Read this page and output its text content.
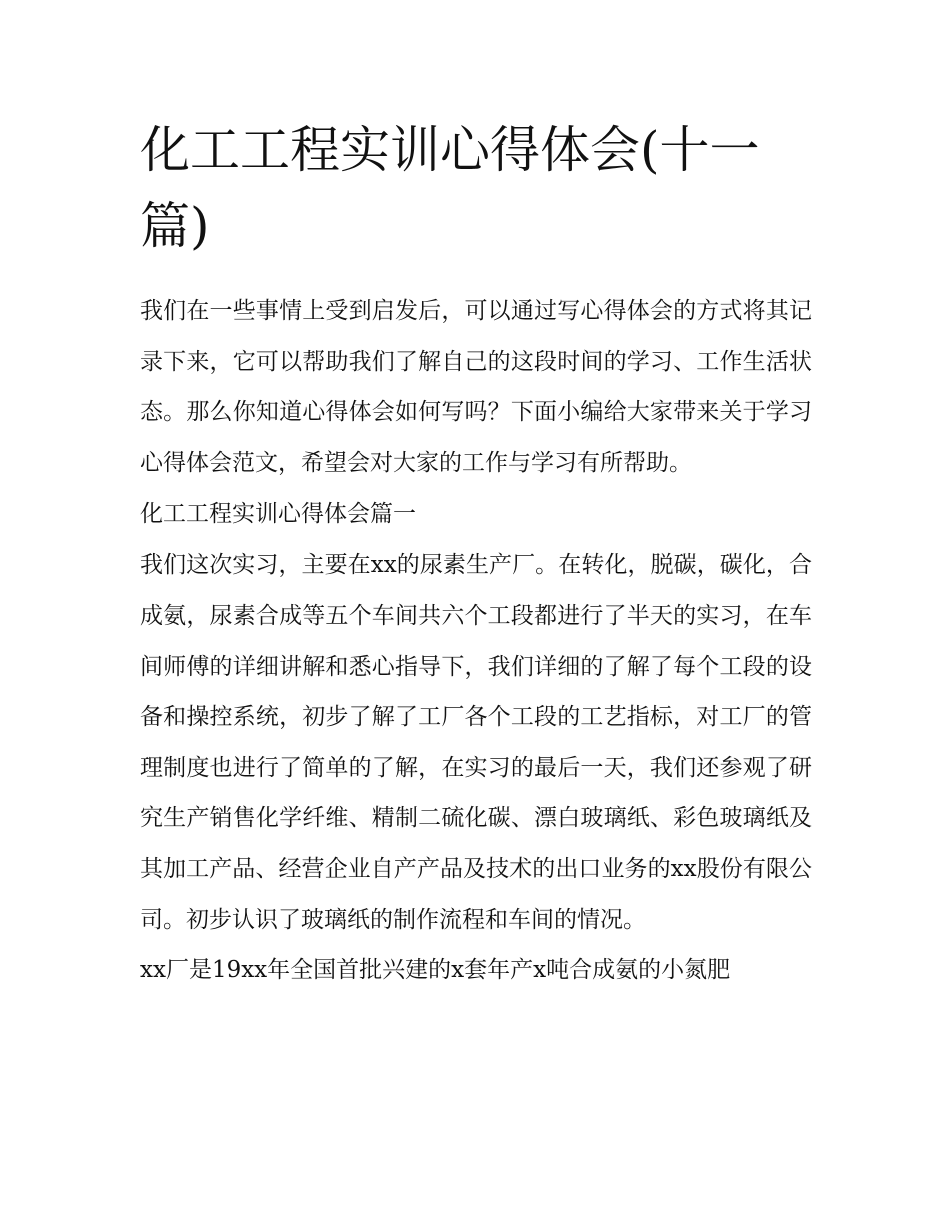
化工工程实训心得体会(十一篇)

我们在一些事情上受到启发后，可以通过写心得体会的方式将其记录下来，它可以帮助我们了解自己的这段时间的学习、工作生活状态。那么你知道心得体会如何写吗？下面小编给大家带来关于学习心得体会范文，希望会对大家的工作与学习有所帮助。

化工工程实训心得体会篇一

我们这次实习，主要在xx的尿素生产厂。在转化，脱碳，碳化，合成氨，尿素合成等五个车间共六个工段都进行了半天的实习，在车间师傅的详细讲解和悉心指导下，我们详细的了解了每个工段的设备和操控系统，初步了解了工厂各个工段的工艺指标，对工厂的管理制度也进行了简单的了解，在实习的最后一天，我们还参观了研究生产销售化学纤维、精制二硫化碳、漂白玻璃纸、彩色玻璃纸及其加工产品、经营企业自产产品及技术的出口业务的xx股份有限公司。初步认识了玻璃纸的制作流程和车间的情况。

xx厂是19xx年全国首批兴建的x套年产x吨合成氨的小氮肥
